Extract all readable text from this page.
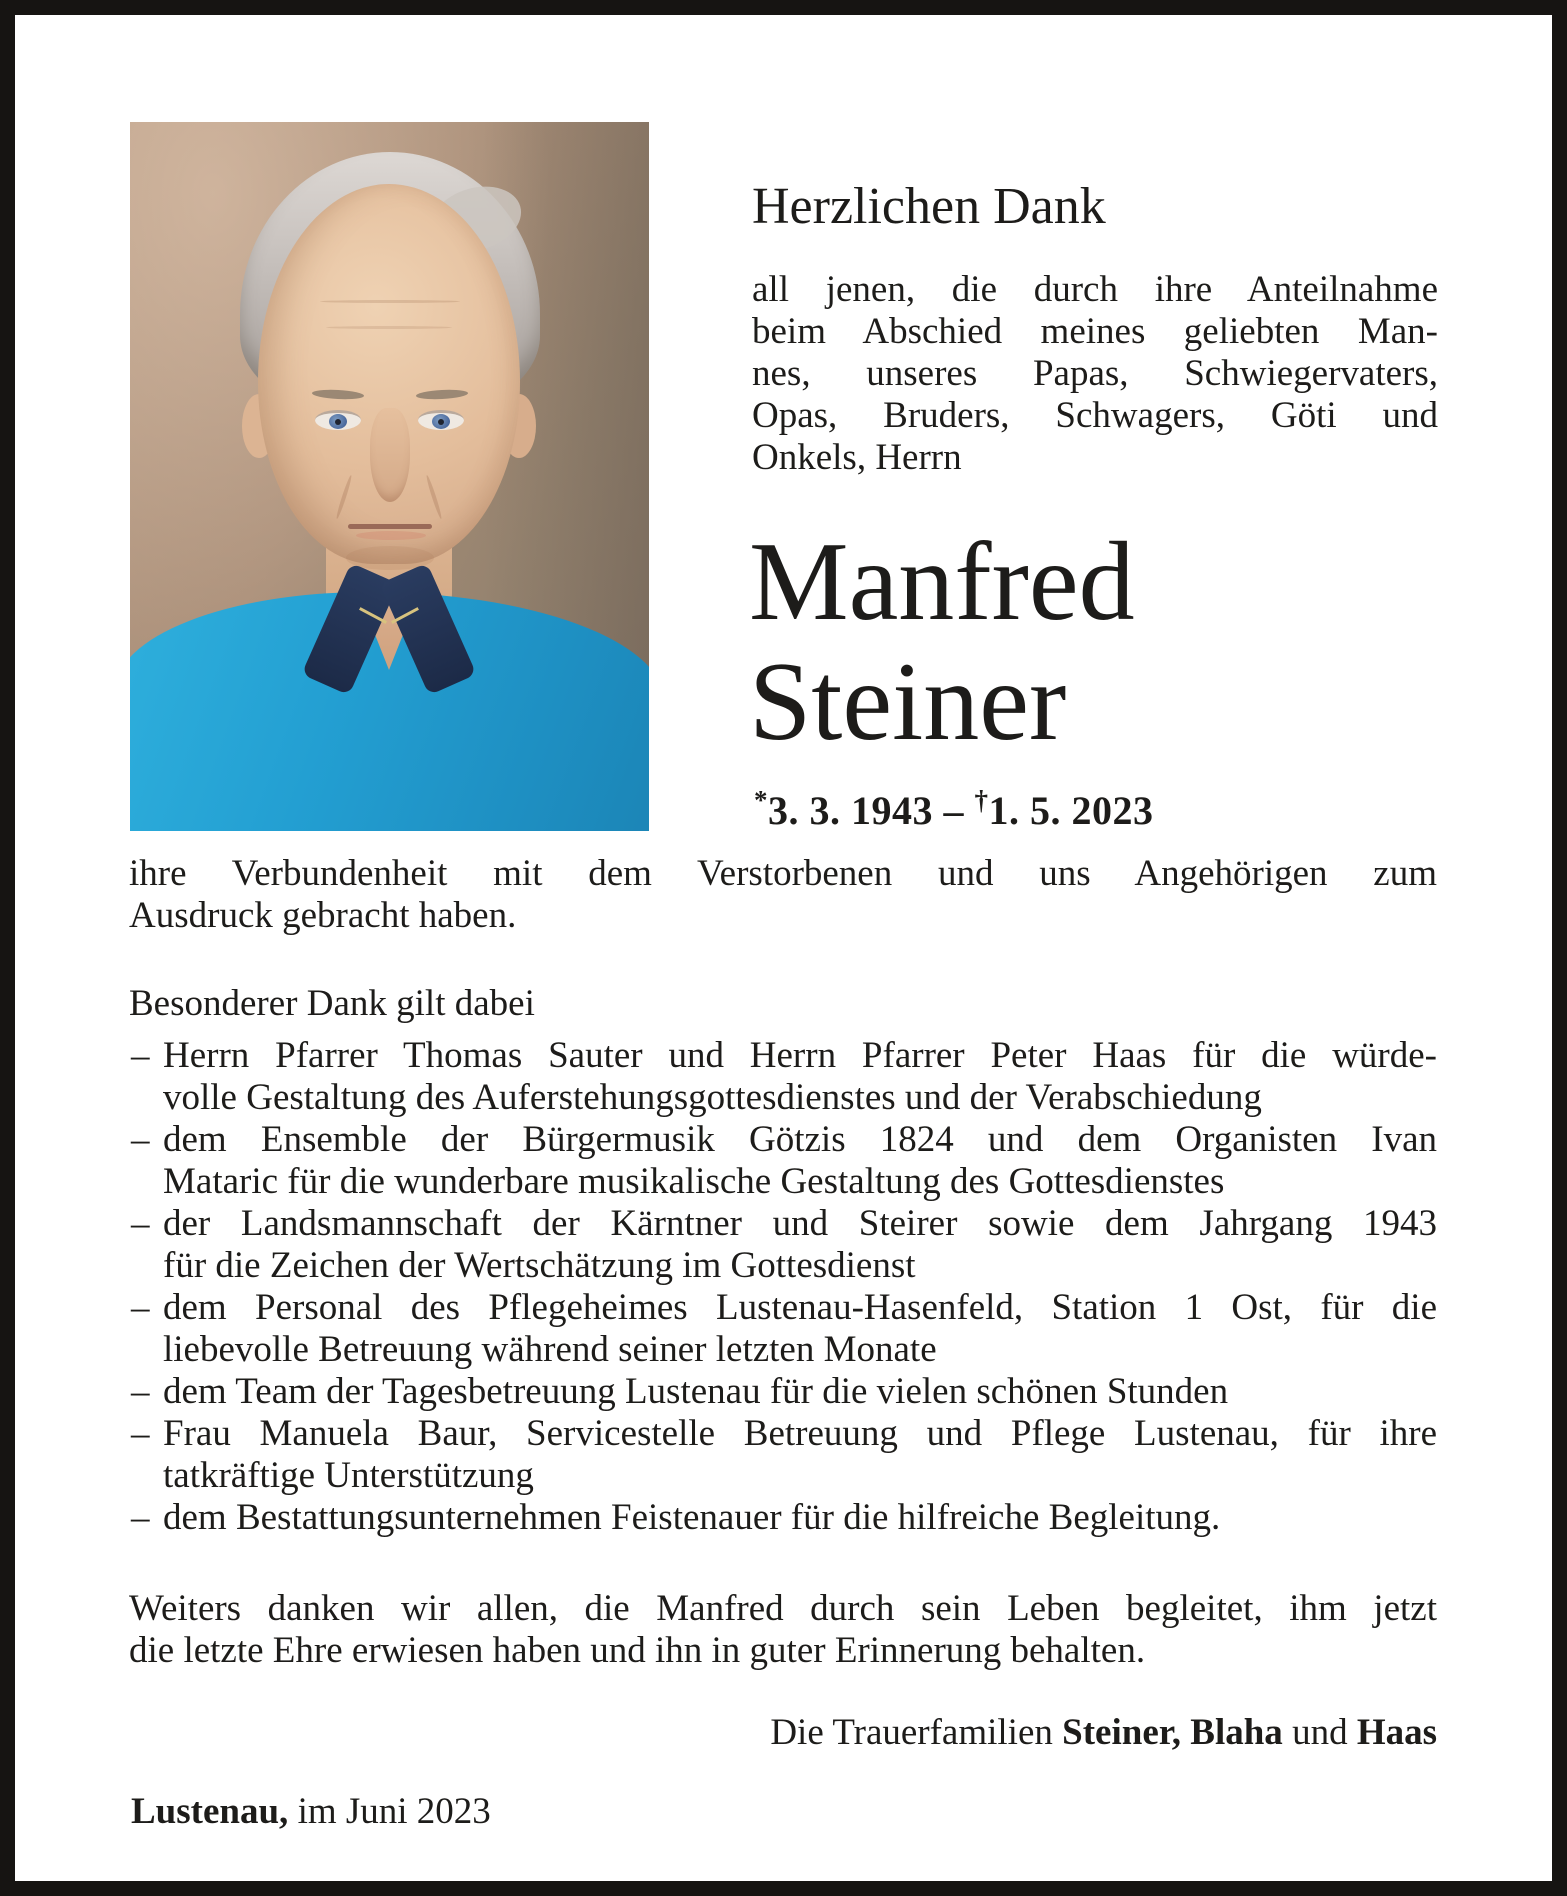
Herzlichen Dank
all jenen, die durch ihre Anteilnahme
beim Abschied meines geliebten Man-
nes, unseres Papas, Schwiegervaters,
Opas, Bruders, Schwagers, Göti und
Onkels, Herrn
Manfred
Steiner
*3. 3. 1943 – †1. 5. 2023
ihre Verbundenheit mit dem Verstorbenen und uns Angehörigen zum
Ausdruck gebracht haben.
Besonderer Dank gilt dabei
– Herrn Pfarrer Thomas Sauter und Herrn Pfarrer Peter Haas für die würde-
volle Gestaltung des Auferstehungsgottesdienstes und der Verabschiedung
– dem Ensemble der Bürgermusik Götzis 1824 und dem Organisten Ivan
Mataric für die wunderbare musikalische Gestaltung des Gottesdienstes
– der Landsmannschaft der Kärntner und Steirer sowie dem Jahrgang 1943
für die Zeichen der Wertschätzung im Gottesdienst
– dem Personal des Pflegeheimes Lustenau-Hasenfeld, Station 1 Ost, für die
liebevolle Betreuung während seiner letzten Monate
– dem Team der Tagesbetreuung Lustenau für die vielen schönen Stunden
– Frau Manuela Baur, Servicestelle Betreuung und Pflege Lustenau, für ihre
tatkräftige Unterstützung
– dem Bestattungsunternehmen Feistenauer für die hilfreiche Begleitung.
Weiters danken wir allen, die Manfred durch sein Leben begleitet, ihm jetzt
die letzte Ehre erwiesen haben und ihn in guter Erinnerung behalten.
Die Trauerfamilien Steiner, Blaha und Haas
Lustenau, im Juni 2023
